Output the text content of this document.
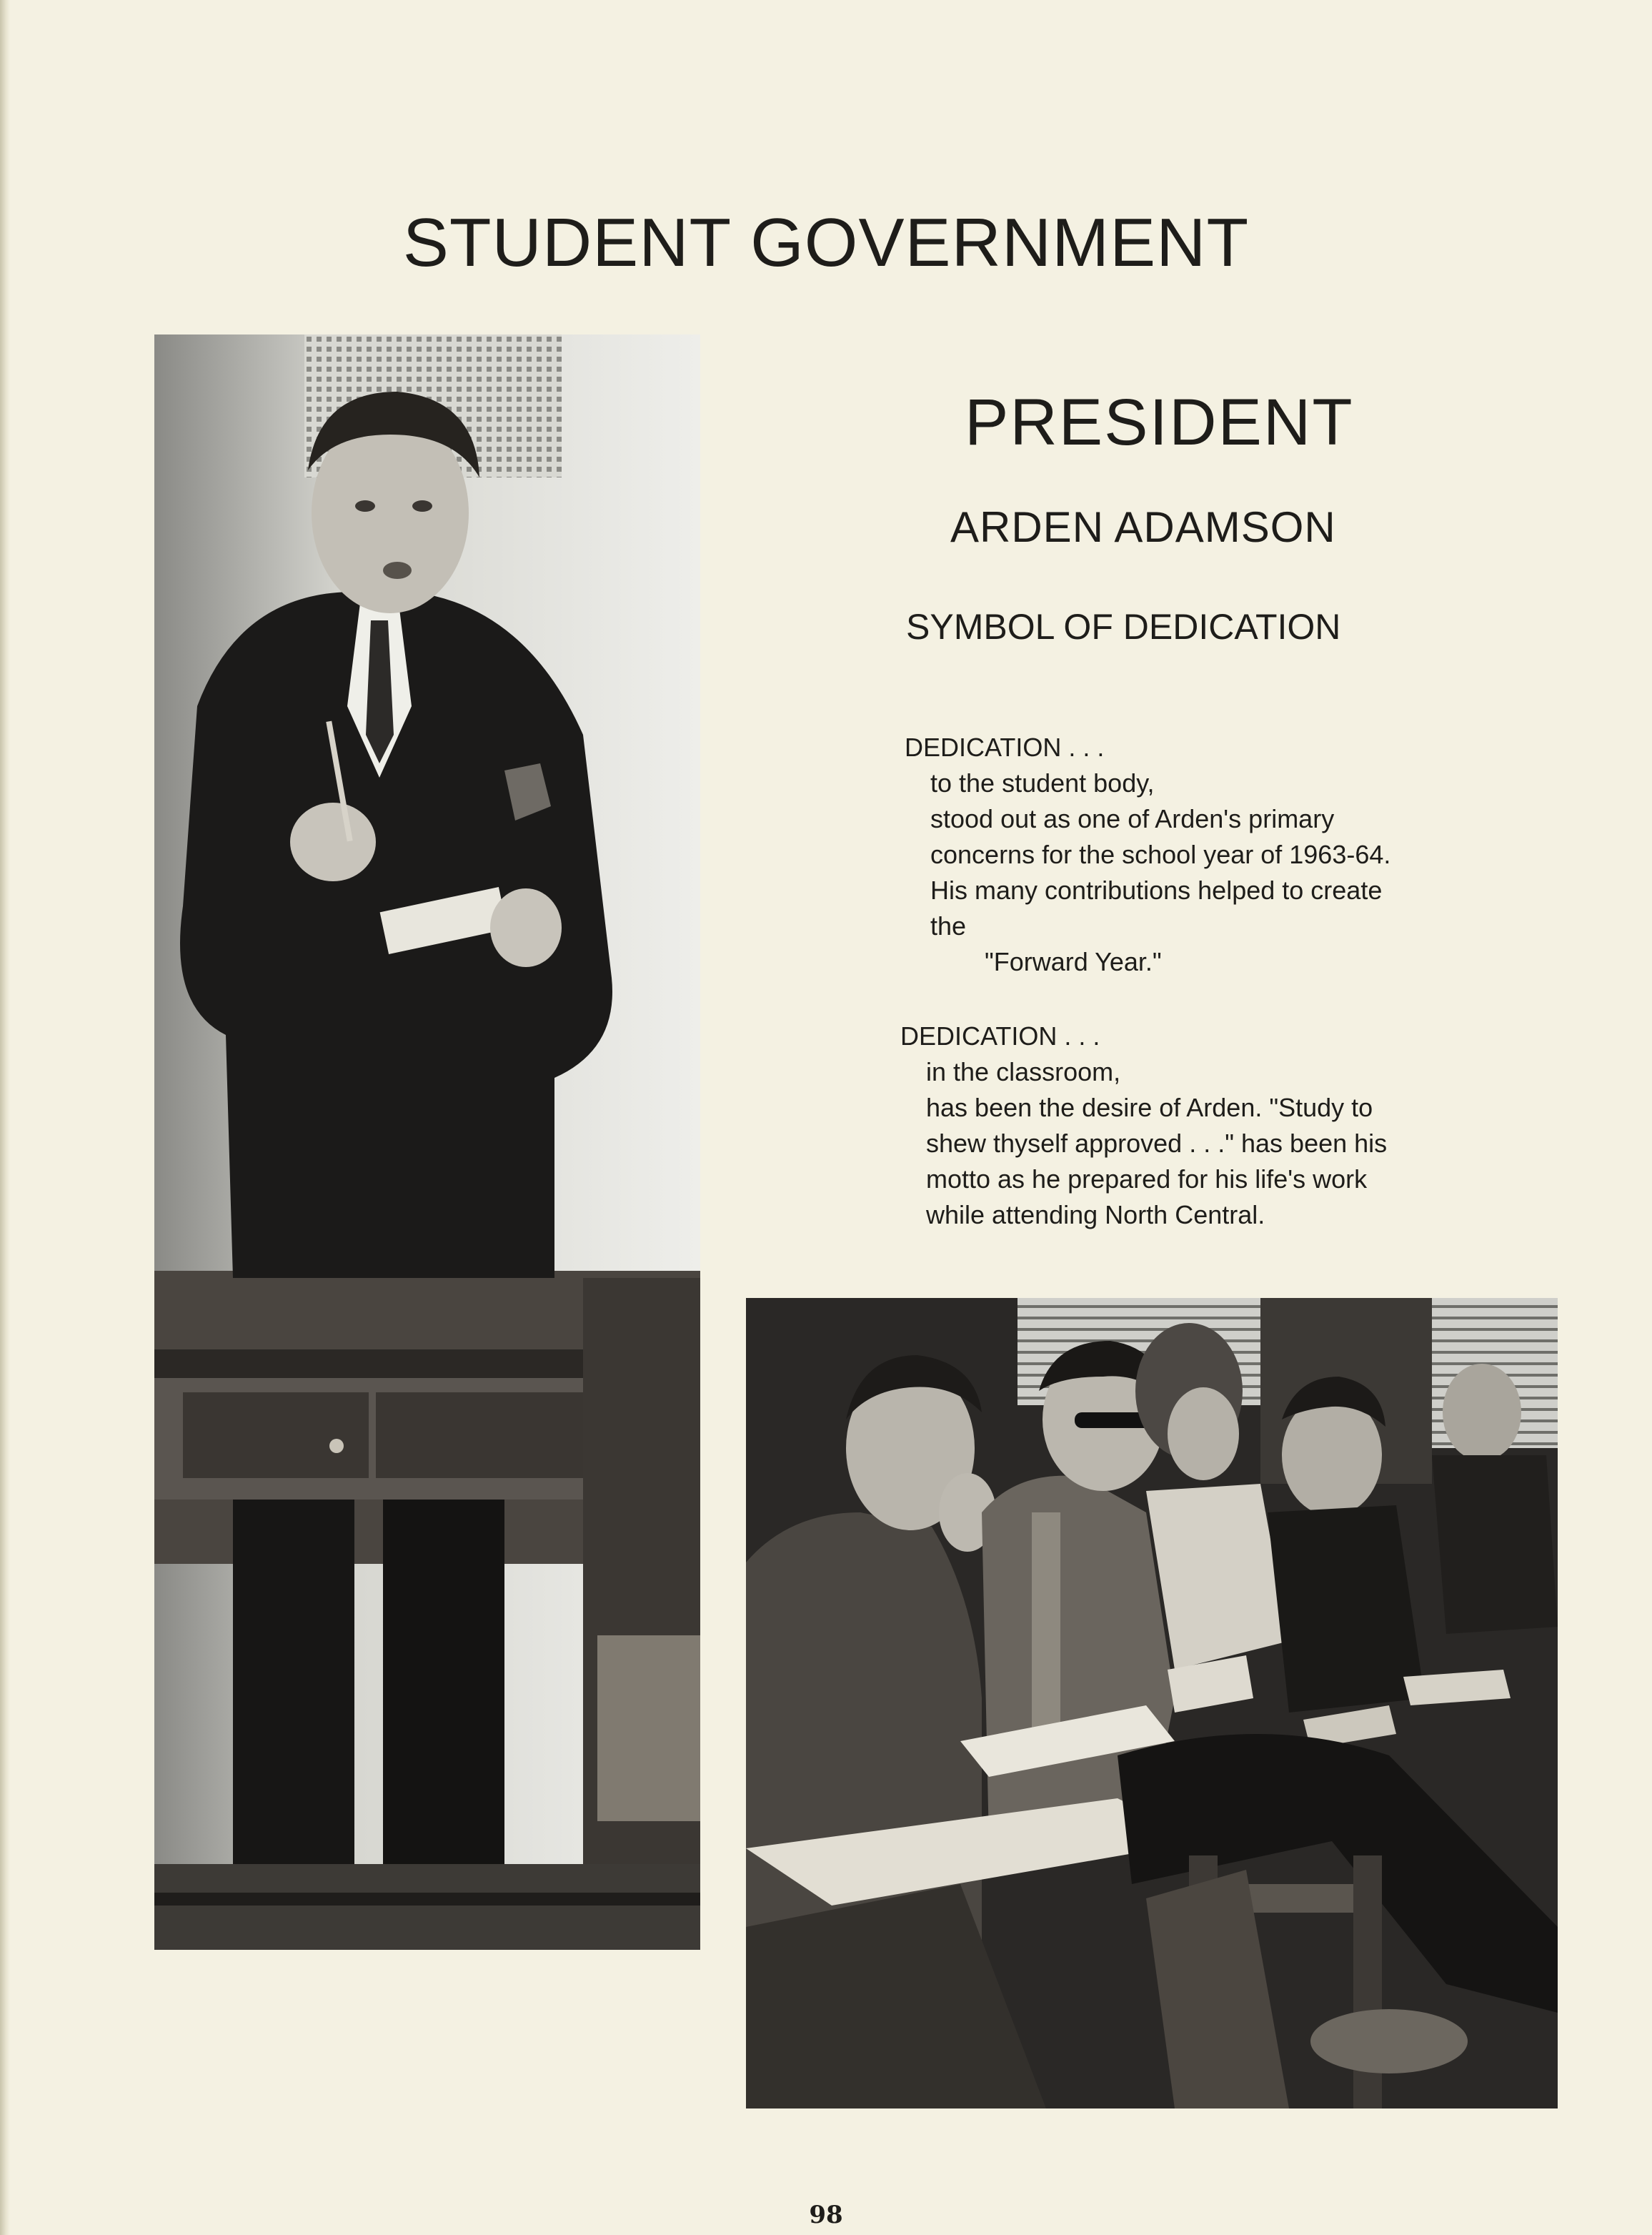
STUDENT GOVERNMENT
PRESIDENT
ARDEN ADAMSON
SYMBOL OF DEDICATION
DEDICATION . . .
to the student body,
stood out as one of Arden's primary
concerns for the school year of 1963-64.
His many contributions helped to create
the
"Forward Year."
DEDICATION . . .
in the classroom,
has been the desire of Arden. "Study to
shew thyself approved . . ." has been his
motto as he prepared for his life's work
while attending North Central.
98
